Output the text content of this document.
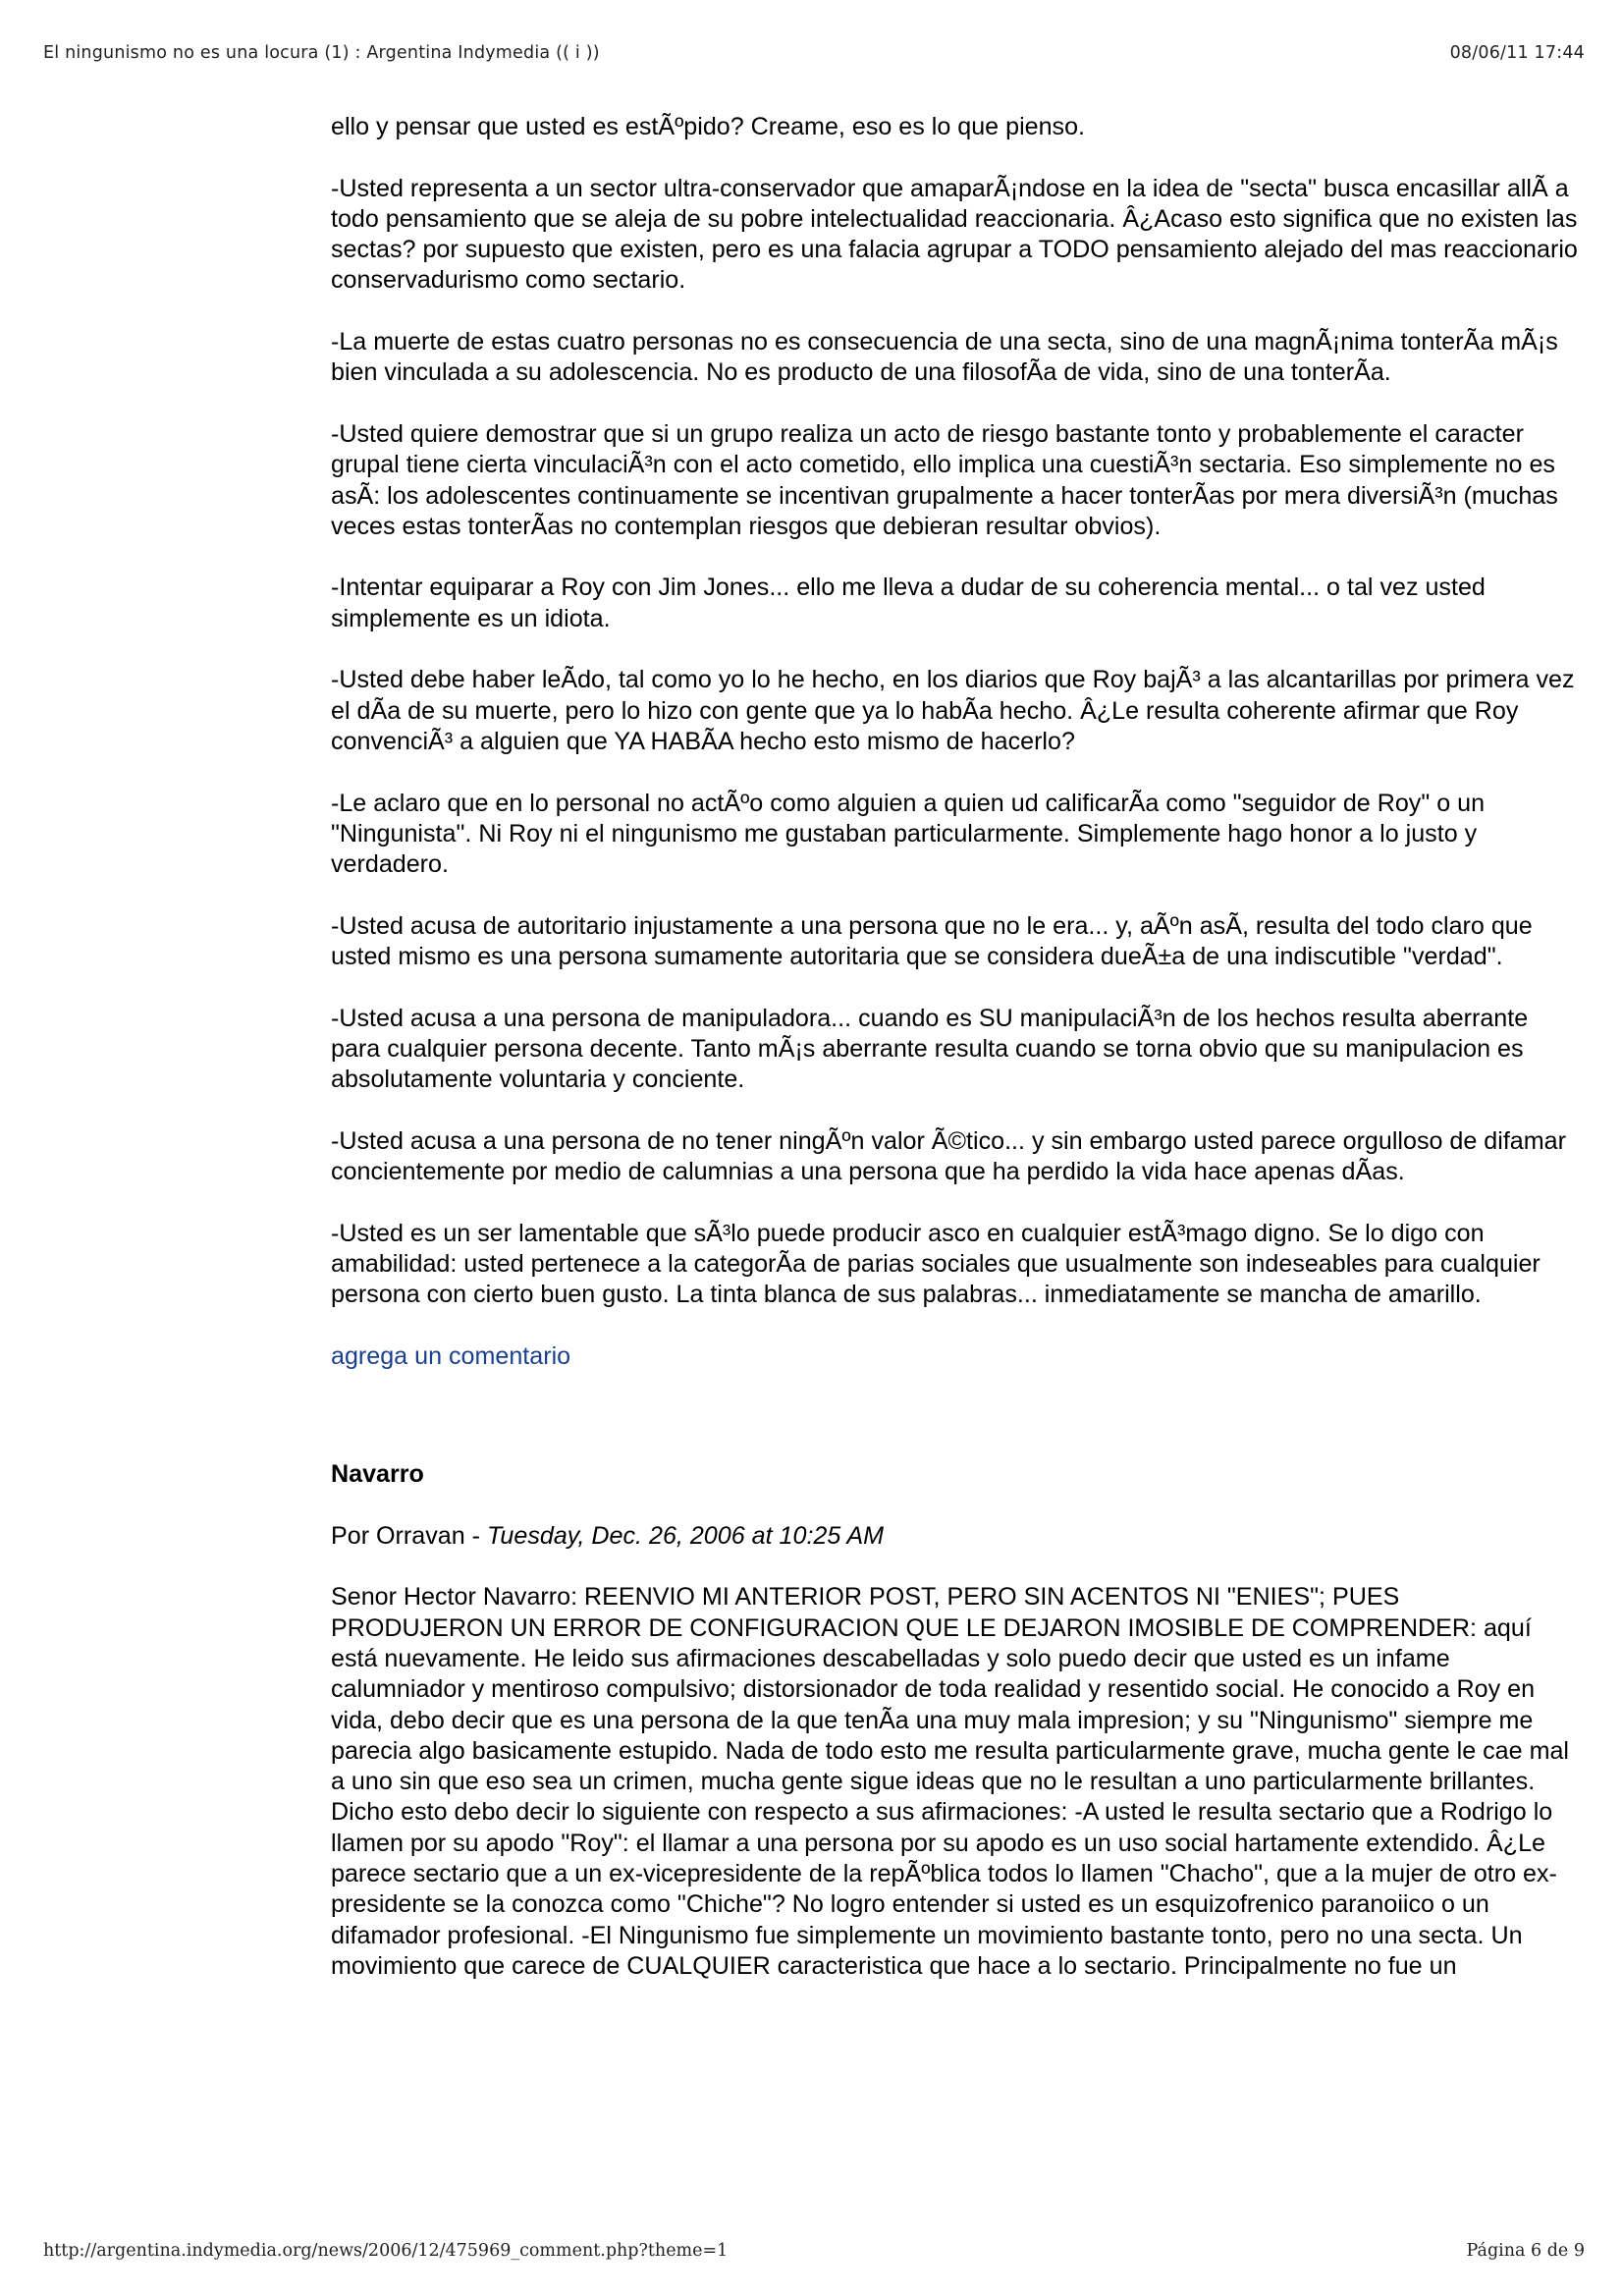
El ningunismo no es una locura (1) : Argentina Indymedia (( i ))	08/06/11 17:44

ello y pensar que usted es estÃºpido? Creame, eso es lo que pienso.

-Usted representa a un sector ultra-conservador que amaparÃ¡ndose en la idea de "secta" busca encasillar allÃ a todo pensamiento que se aleja de su pobre intelectualidad reaccionaria. Â¿Acaso esto significa que no existen las sectas? por supuesto que existen, pero es una falacia agrupar a TODO pensamiento alejado del mas reaccionario conservadurismo como sectario.

-La muerte de estas cuatro personas no es consecuencia de una secta, sino de una magnÃ¡nima tonterÃa mÃ¡s bien vinculada a su adolescencia. No es producto de una filosofÃa de vida, sino de una tonterÃa.

-Usted quiere demostrar que si un grupo realiza un acto de riesgo bastante tonto y probablemente el caracter grupal tiene cierta vinculaciÃ³n con el acto cometido, ello implica una cuestiÃ³n sectaria. Eso simplemente no es asÃ: los adolescentes continuamente se incentivan grupalmente a hacer tonterÃas por mera diversiÃ³n (muchas veces estas tonterÃas no contemplan riesgos que debieran resultar obvios).

-Intentar equiparar a Roy con Jim Jones... ello me lleva a dudar de su coherencia mental... o tal vez usted simplemente es un idiota.

-Usted debe haber leÃdo, tal como yo lo he hecho, en los diarios que Roy bajÃ³ a las alcantarillas por primera vez el dÃa de su muerte, pero lo hizo con gente que ya lo habÃa hecho. Â¿Le resulta coherente afirmar que Roy convenciÃ³ a alguien que YA HABÃA hecho esto mismo de hacerlo?

-Le aclaro que en lo personal no actÃºo como alguien a quien ud calificarÃa como "seguidor de Roy" o un "Ningunista". Ni Roy ni el ningunismo me gustaban particularmente. Simplemente hago honor a lo justo y verdadero.

-Usted acusa de autoritario injustamente a una persona que no le era... y, aÃºn asÃ, resulta del todo claro que usted mismo es una persona sumamente autoritaria que se considera dueÃ±a de una indiscutible "verdad".

-Usted acusa a una persona de manipuladora... cuando es SU manipulaciÃ³n de los hechos resulta aberrante para cualquier persona decente. Tanto mÃ¡s aberrante resulta cuando se torna obvio que su manipulacion es absolutamente voluntaria y conciente.

-Usted acusa a una persona de no tener ningÃºn valor Ã©tico... y sin embargo usted parece orgulloso de difamar concientemente por medio de calumnias a una persona que ha perdido la vida hace apenas dÃas.

-Usted es un ser lamentable que sÃ³lo puede producir asco en cualquier estÃ³mago digno. Se lo digo con amabilidad: usted pertenece a la categorÃa de parias sociales que usualmente son indeseables para cualquier persona con cierto buen gusto. La tinta blanca de sus palabras... inmediatamente se mancha de amarillo.

agrega un comentario

Navarro

Por Orravan - Tuesday, Dec. 26, 2006 at 10:25 AM

Senor Hector Navarro: REENVIO MI ANTERIOR POST, PERO SIN ACENTOS NI "ENIES"; PUES PRODUJERON UN ERROR DE CONFIGURACION QUE LE DEJARON IMOSIBLE DE COMPRENDER: aquí está nuevamente. He leido sus afirmaciones descabelladas y solo puedo decir que usted es un infame calumniador y mentiroso compulsivo; distorsionador de toda realidad y resentido social. He conocido a Roy en vida, debo decir que es una persona de la que tenÃa una muy mala impresion; y su "Ningunismo" siempre me parecia algo basicamente estupido. Nada de todo esto me resulta particularmente grave, mucha gente le cae mal a uno sin que eso sea un crimen, mucha gente sigue ideas que no le resultan a uno particularmente brillantes. Dicho esto debo decir lo siguiente con respecto a sus afirmaciones: -A usted le resulta sectario que a Rodrigo lo llamen por su apodo "Roy": el llamar a una persona por su apodo es un uso social hartamente extendido. Â¿Le parece sectario que a un ex-vicepresidente de la repÃºblica todos lo llamen "Chacho", que a la mujer de otro ex-presidente se la conozca como "Chiche"? No logro entender si usted es un esquizofrenico paranoiico o un difamador profesional. -El Ningunismo fue simplemente un movimiento bastante tonto, pero no una secta. Un movimiento que carece de CUALQUIER caracteristica que hace a lo sectario. Principalmente no fue un

http://argentina.indymedia.org/news/2006/12/475969_comment.php?theme=1	Página 6 de 9
